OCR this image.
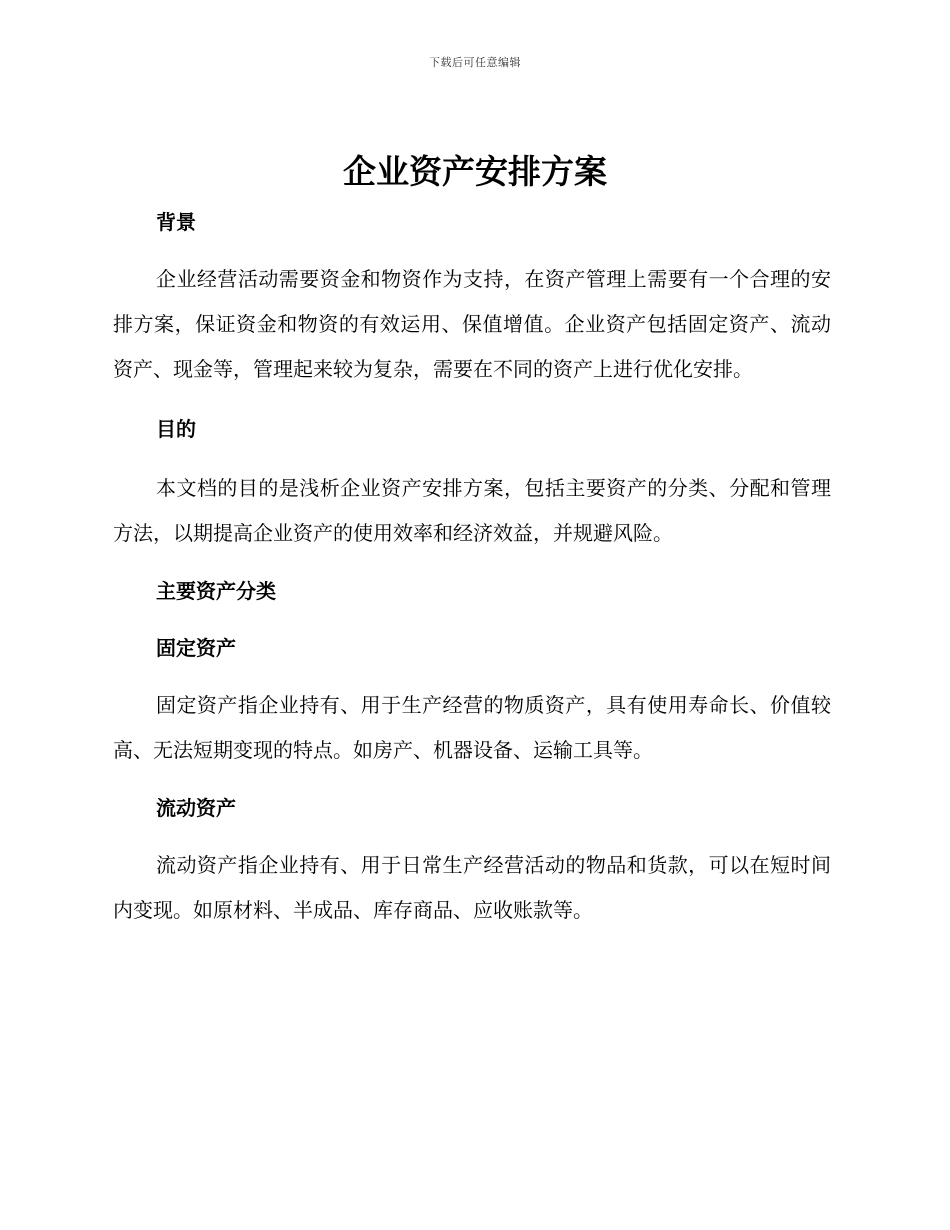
下载后可任意编辑
企业资产安排方案
背景

企业经营活动需要资金和物资作为支持，在资产管理上需要有一个合理的安排方案，保证资金和物资的有效运用、保值增值。企业资产包括固定资产、流动资产、现金等，管理起来较为复杂，需要在不同的资产上进行优化安排。

目的

本文档的目的是浅析企业资产安排方案，包括主要资产的分类、分配和管理方法，以期提高企业资产的使用效率和经济效益，并规避风险。

主要资产分类
固定资产

固定资产指企业持有、用于生产经营的物质资产，具有使用寿命长、价值较高、无法短期变现的特点。如房产、机器设备、运输工具等。

流动资产

流动资产指企业持有、用于日常生产经营活动的物品和货款，可以在短时间内变现。如原材料、半成品、库存商品、应收账款等。
